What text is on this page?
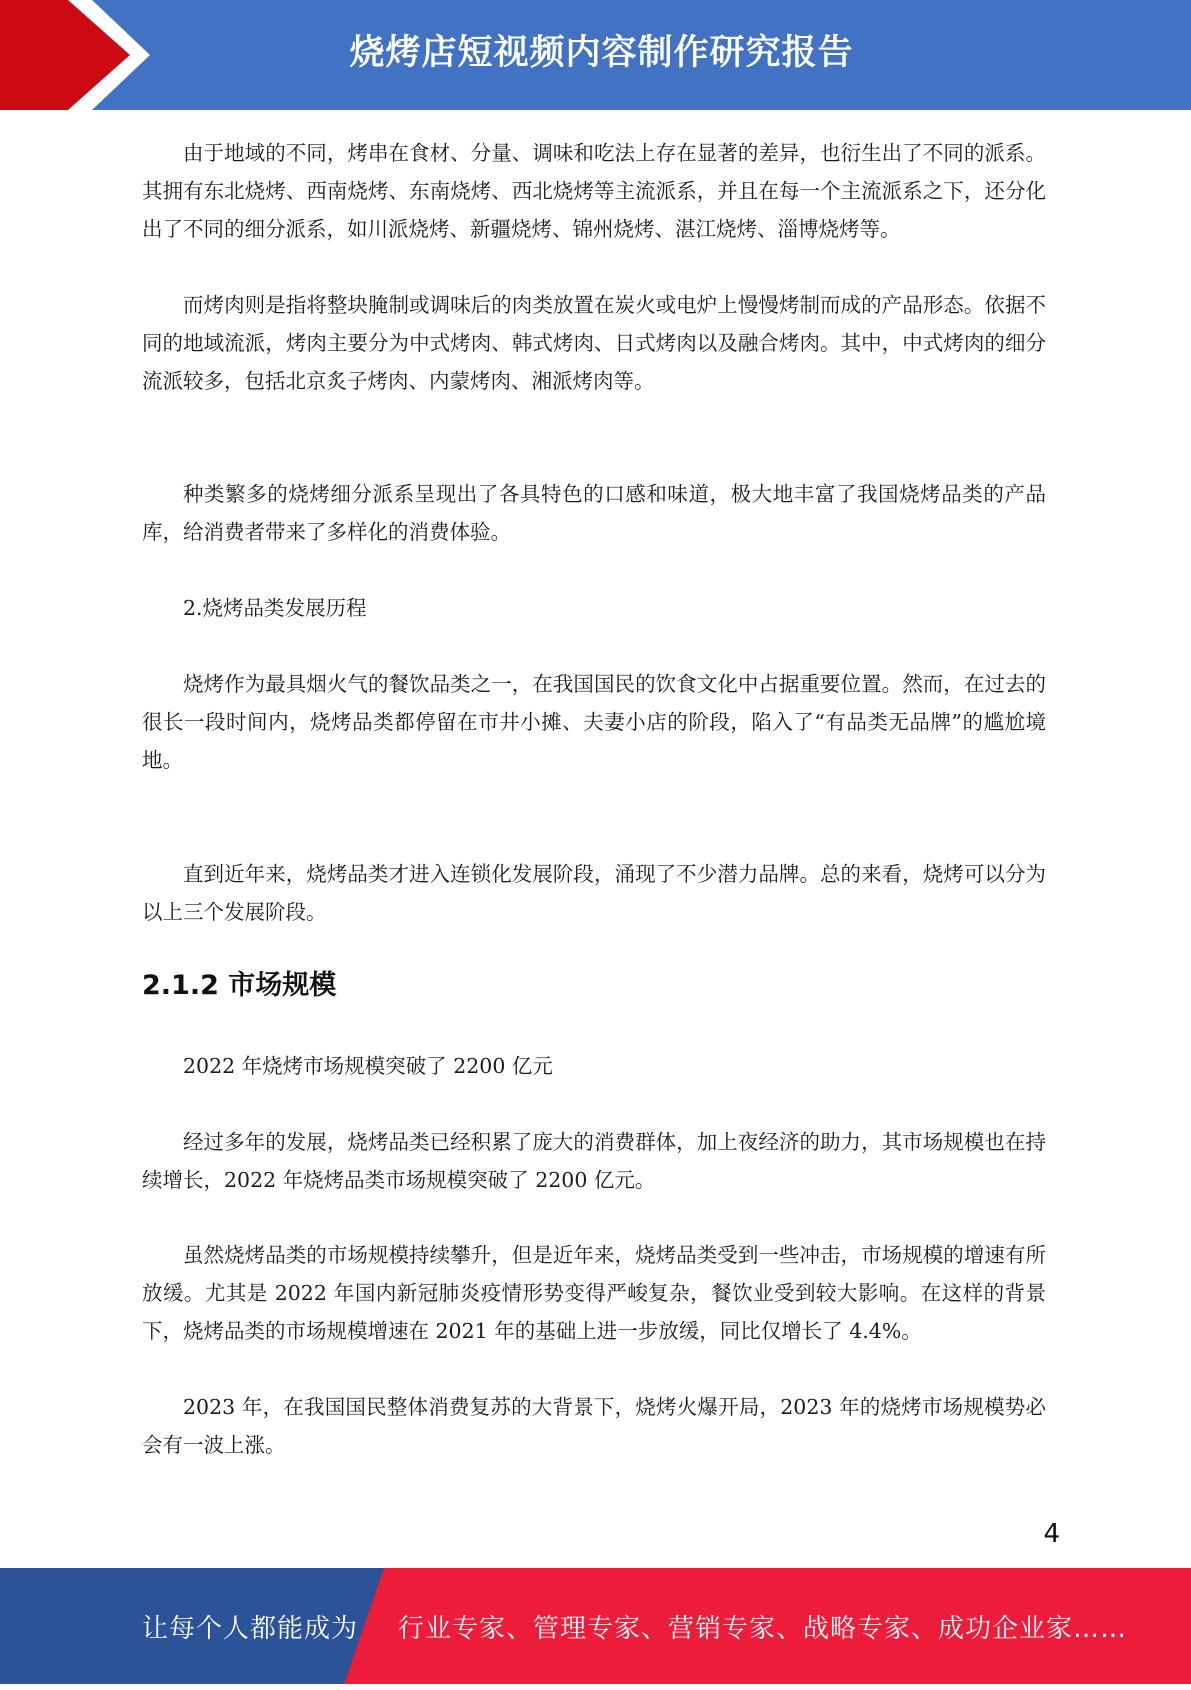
烧烤店短视频内容制作研究报告

由于地域的不同，烤串在食材、分量、调味和吃法上存在显著的差异，也衍生出了不同的派系。其拥有东北烧烤、西南烧烤、东南烧烤、西北烧烤等主流派系，并且在每一个主流派系之下，还分化出了不同的细分派系，如川派烧烤、新疆烧烤、锦州烧烤、湛江烧烤、淄博烧烤等。

而烤肉则是指将整块腌制或调味后的肉类放置在炭火或电炉上慢慢烤制而成的产品形态。依据不同的地域流派，烤肉主要分为中式烤肉、韩式烤肉、日式烤肉以及融合烤肉。其中，中式烤肉的细分流派较多，包括北京炙子烤肉、内蒙烤肉、湘派烤肉等。

种类繁多的烧烤细分派系呈现出了各具特色的口感和味道，极大地丰富了我国烧烤品类的产品库，给消费者带来了多样化的消费体验。

2.烧烤品类发展历程

烧烤作为最具烟火气的餐饮品类之一，在我国国民的饮食文化中占据重要位置。然而，在过去的很长一段时间内，烧烤品类都停留在市井小摊、夫妻小店的阶段，陷入了“有品类无品牌”的尴尬境地。

直到近年来，烧烤品类才进入连锁化发展阶段，涌现了不少潜力品牌。总的来看，烧烤可以分为以上三个发展阶段。

2.1.2 市场规模

2022 年烧烤市场规模突破了 2200 亿元

经过多年的发展，烧烤品类已经积累了庞大的消费群体，加上夜经济的助力，其市场规模也在持续增长，2022 年烧烤品类市场规模突破了 2200 亿元。

虽然烧烤品类的市场规模持续攀升，但是近年来，烧烤品类受到一些冲击，市场规模的增速有所放缓。尤其是 2022 年国内新冠肺炎疫情形势变得严峻复杂，餐饮业受到较大影响。在这样的背景下，烧烤品类的市场规模增速在 2021 年的基础上进一步放缓，同比仅增长了 4.4%。

2023 年，在我国国民整体消费复苏的大背景下，烧烤火爆开局，2023 年的烧烤市场规模势必会有一波上涨。

4
让每个人都能成为 行业专家、管理专家、营销专家、战略专家、成功企业家……
